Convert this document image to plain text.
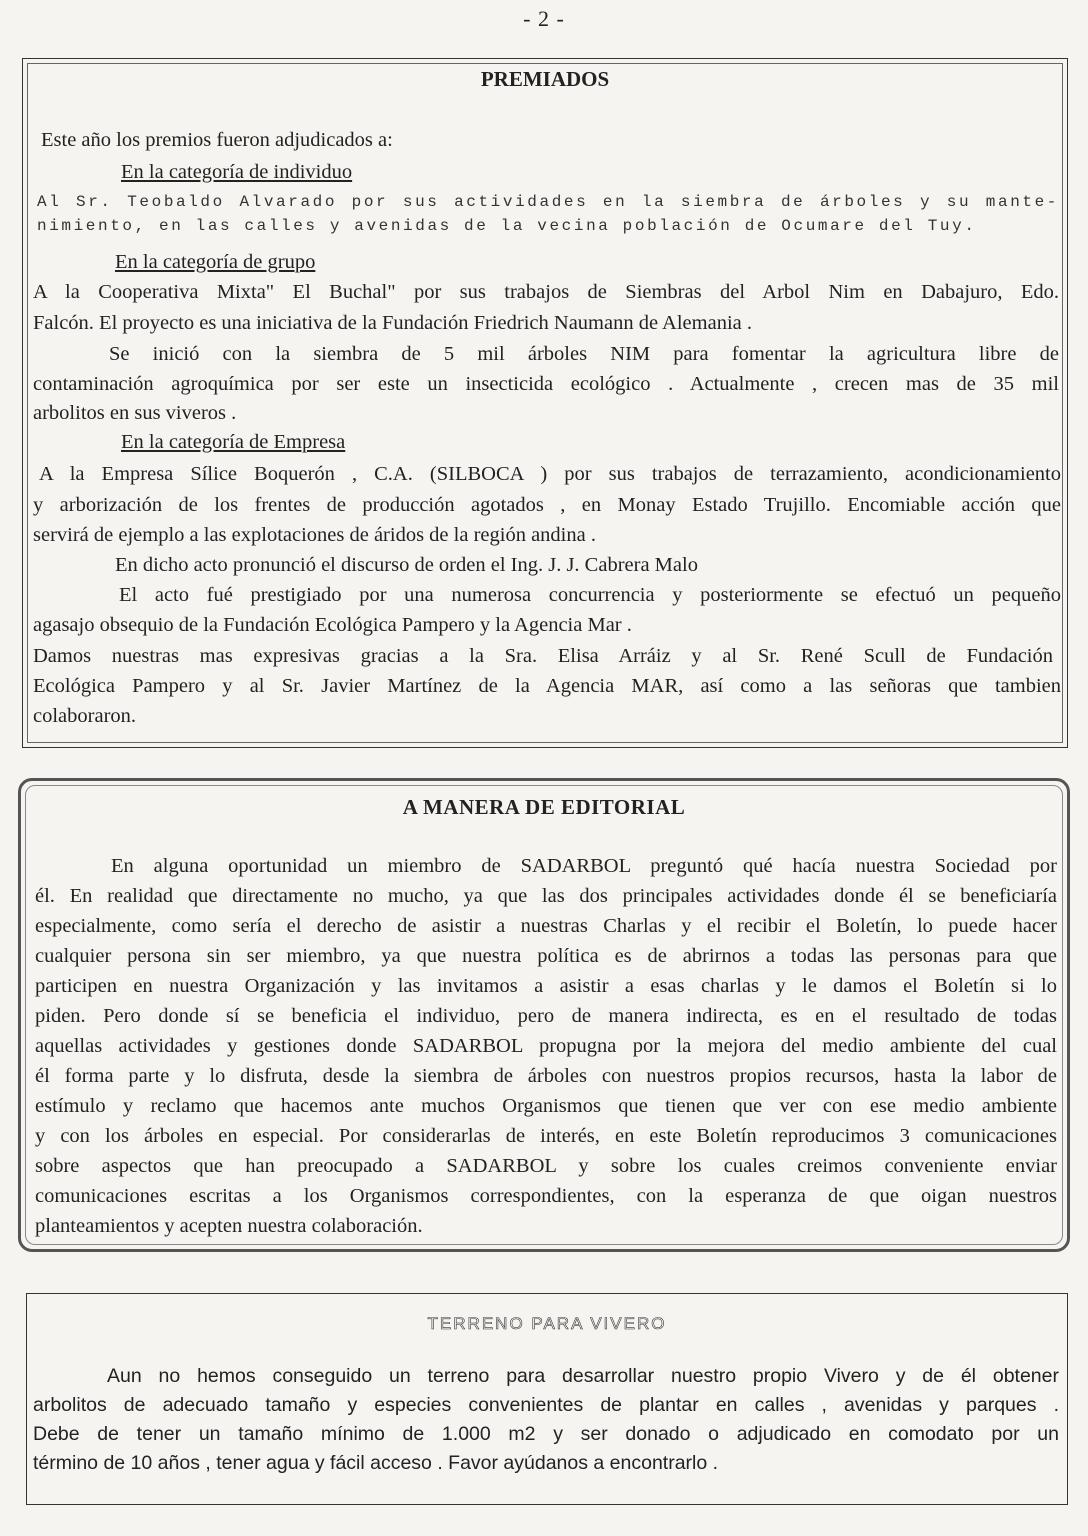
- 2 -
PREMIADOS
Este año los premios fueron adjudicados a:
En la categoría de individuo
Al Sr. Teobaldo Alvarado por sus actividades en la siembra de árboles y su mante-
nimiento, en las calles y avenidas de la vecina población de Ocumare del Tuy.
En la categoría de grupo
A la Cooperativa Mixta" El Buchal" por sus trabajos de Siembras del Arbol Nim en Dabajuro, Edo.
Falcón. El proyecto es una iniciativa de la Fundación Friedrich Naumann de Alemania .
Se inició con la siembra de 5 mil árboles NIM para fomentar la agricultura libre de
contaminación agroquímica por ser este un insecticida ecológico . Actualmente , crecen mas de 35 mil
arbolitos en sus viveros .
En la categoría de Empresa
A la Empresa Sílice Boquerón , C.A. (SILBOCA ) por sus trabajos de terrazamiento, acondicionamiento
y arborización de los frentes de producción agotados , en Monay Estado Trujillo. Encomiable acción que
servirá de ejemplo a las explotaciones de áridos de la región andina .
En dicho acto pronunció el discurso de orden el Ing. J. J. Cabrera Malo
El acto fué prestigiado por una numerosa concurrencia y posteriormente se efectuó un pequeño
agasajo obsequio de la Fundación Ecológica Pampero y la Agencia Mar .
Damos nuestras mas expresivas gracias a la Sra. Elisa Arráiz y al Sr. René Scull de Fundación
Ecológica Pampero y al Sr. Javier Martínez de la Agencia MAR, así como a las señoras que tambien
colaboraron.
A MANERA DE EDITORIAL
En alguna oportunidad un miembro de SADARBOL preguntó qué hacía nuestra Sociedad por
él. En realidad que directamente no mucho, ya que las dos principales actividades donde él se beneficiaría
especialmente, como sería el derecho de asistir a nuestras Charlas y el recibir el Boletín, lo puede hacer
cualquier persona sin ser miembro, ya que nuestra política es de abrirnos a todas las personas para que
participen en nuestra Organización y las invitamos a asistir a esas charlas y le damos el Boletín si lo
piden. Pero donde sí se beneficia el individuo, pero de manera indirecta, es en el resultado de todas
aquellas actividades y gestiones donde SADARBOL propugna por la mejora del medio ambiente del cual
él forma parte y lo disfruta, desde la siembra de árboles con nuestros propios recursos, hasta la labor de
estímulo y reclamo que hacemos ante muchos Organismos que tienen que ver con ese medio ambiente
y con los árboles en especial. Por considerarlas de interés, en este Boletín reproducimos 3 comunicaciones
sobre aspectos que han preocupado a SADARBOL y sobre los cuales creimos conveniente enviar
comunicaciones escritas a los Organismos correspondientes, con la esperanza de que oigan nuestros
planteamientos y acepten nuestra colaboración.
TERRENO PARA VIVERO
Aun no hemos conseguido un terreno para desarrollar nuestro propio Vivero y de él obtener
arbolitos de adecuado tamaño y especies convenientes de plantar en calles , avenidas y parques .
Debe de tener un tamaño mínimo de 1.000 m2 y ser donado o adjudicado en comodato por un
término de 10 años , tener agua y fácil acceso . Favor ayúdanos a encontrarlo .
